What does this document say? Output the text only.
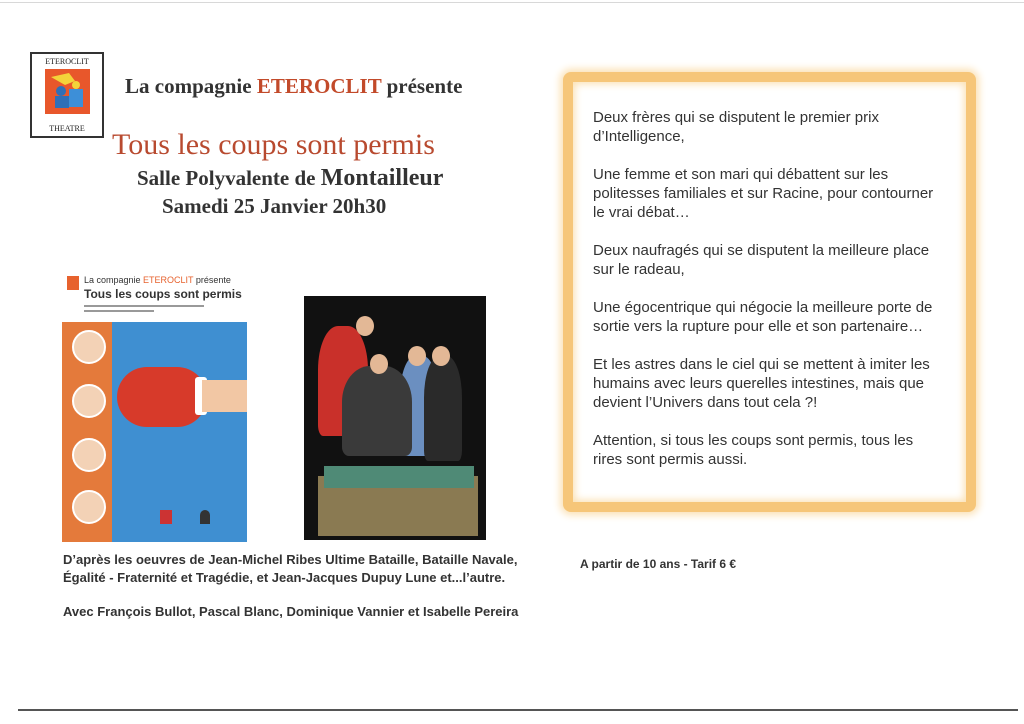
ETEROCLIT
THEATRE
La compagnie ETEROCLIT présente
Tous les coups sont permis
Salle Polyvalente de Montailleur
Samedi 25 Janvier 20h30
La compagnie ETEROCLIT présente
Tous les coups sont permis

D’après les oeuvres de Jean-Michel Ribes Ultime Bataille, Bataille Navale, Égalité - Fraternité et Tragédie, et Jean-Jacques Dupuy Lune et...l’autre.

Avec François Bullot, Pascal Blanc, Dominique Vannier et Isabelle Pereira

Deux frères qui se disputent le premier prix d’Intelligence,

Une femme et son mari qui débattent sur les politesses familiales et sur Racine, pour contourner le vrai débat…

Deux naufragés qui se disputent la meilleure place sur le radeau,

Une égocentrique qui négocie la meilleure porte de sortie vers la rupture pour elle et son partenaire…

Et les astres dans le ciel qui se mettent à imiter les humains avec leurs querelles intestines, mais que devient l’Univers dans tout cela ?!

Attention, si tous les coups sont permis, tous les rires sont permis aussi.

A partir de 10 ans - Tarif 6 €
